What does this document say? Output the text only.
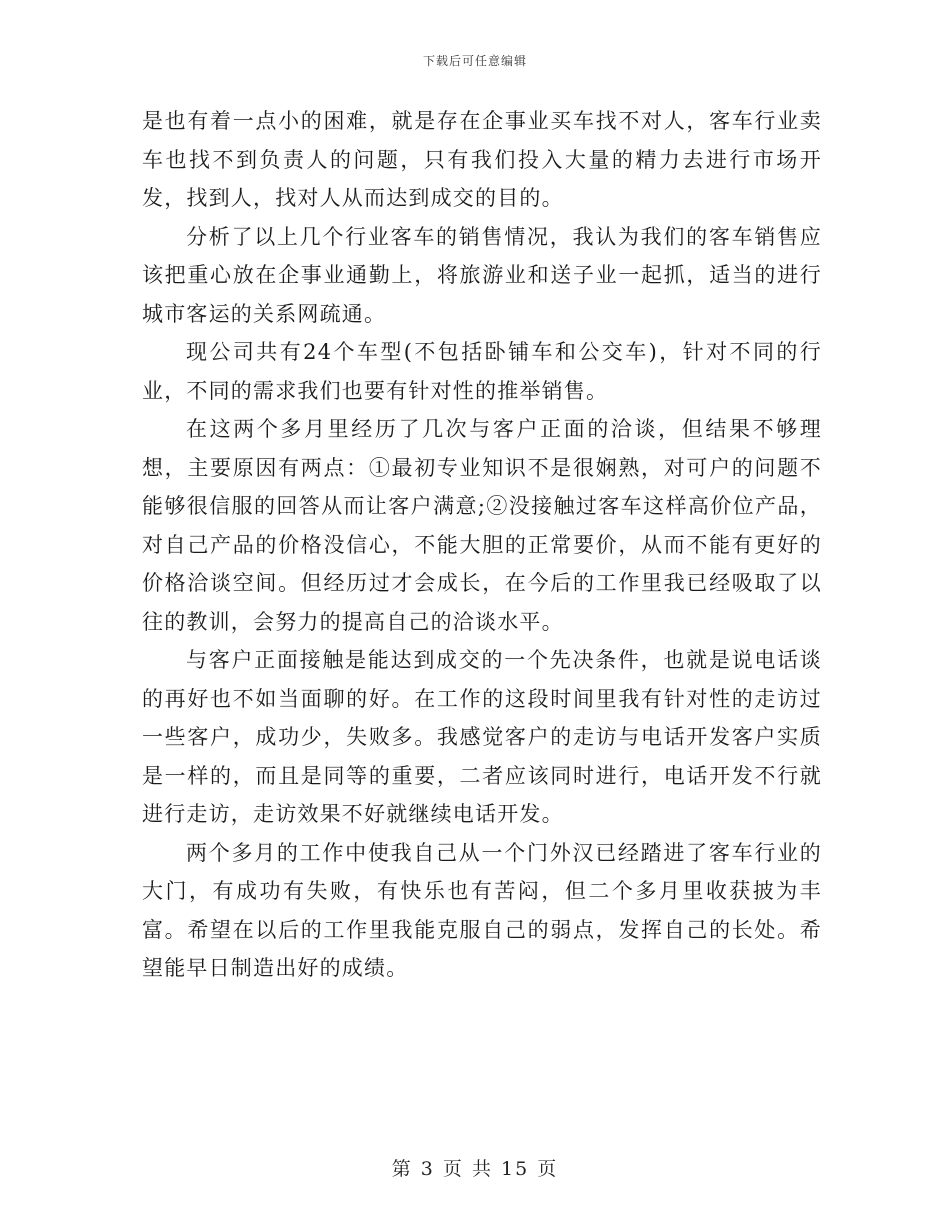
下载后可任意编辑

是也有着一点小的困难，就是存在企事业买车找不对人，客车行业卖车也找不到负责人的问题，只有我们投入大量的精力去进行市场开发，找到人，找对人从而达到成交的目的。

分析了以上几个行业客车的销售情况，我认为我们的客车销售应该把重心放在企事业通勤上，将旅游业和送子业一起抓，适当的进行城市客运的关系网疏通。

现公司共有24个车型(不包括卧铺车和公交车)，针对不同的行业，不同的需求我们也要有针对性的推举销售。

在这两个多月里经历了几次与客户正面的洽谈，但结果不够理想，主要原因有两点：①最初专业知识不是很娴熟，对可户的问题不能够很信服的回答从而让客户满意;②没接触过客车这样高价位产品，对自己产品的价格没信心，不能大胆的正常要价，从而不能有更好的价格洽谈空间。但经历过才会成长，在今后的工作里我已经吸取了以往的教训，会努力的提高自己的洽谈水平。

与客户正面接触是能达到成交的一个先决条件，也就是说电话谈的再好也不如当面聊的好。在工作的这段时间里我有针对性的走访过一些客户，成功少，失败多。我感觉客户的走访与电话开发客户实质是一样的，而且是同等的重要，二者应该同时进行，电话开发不行就进行走访，走访效果不好就继续电话开发。

两个多月的工作中使我自己从一个门外汉已经踏进了客车行业的大门，有成功有失败，有快乐也有苦闷，但二个多月里收获披为丰富。希望在以后的工作里我能克服自己的弱点，发挥自己的长处。希望能早日制造出好的成绩。

第 3 页 共 15 页
